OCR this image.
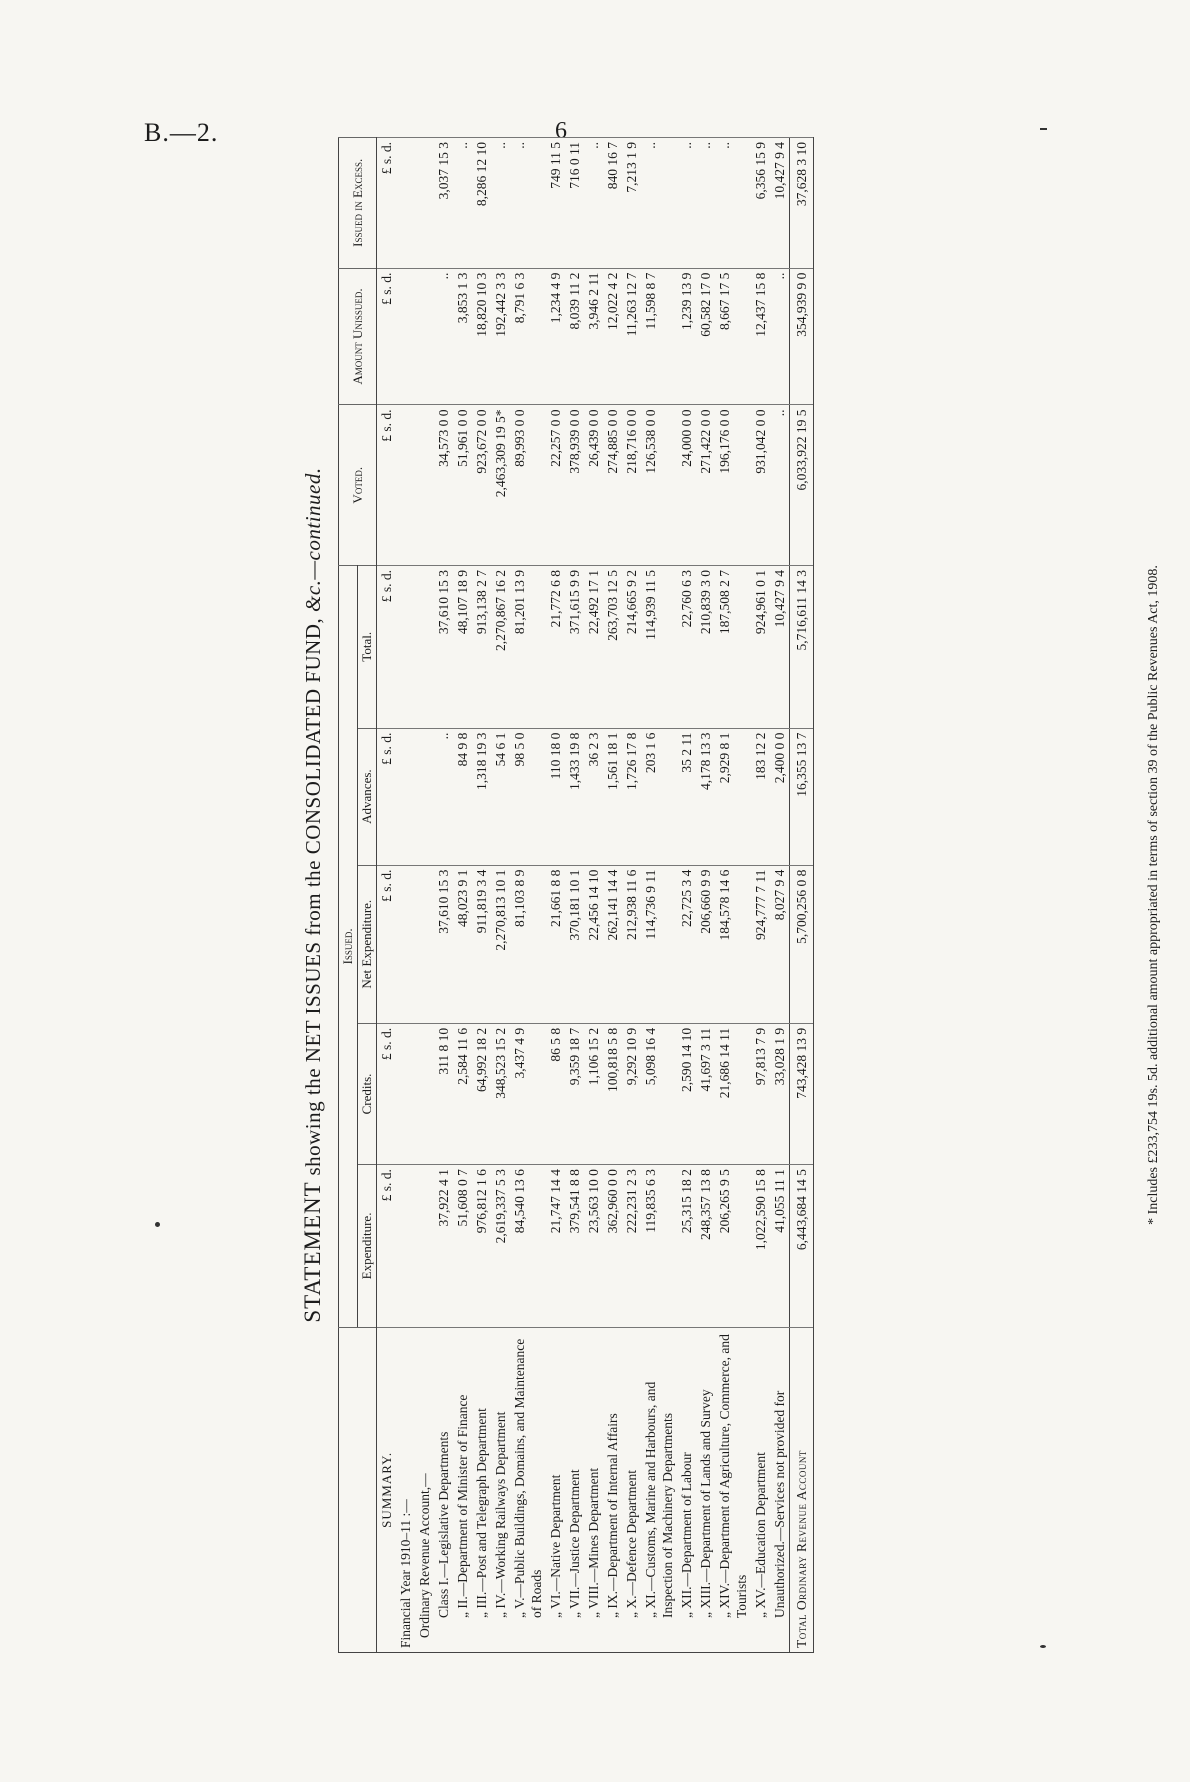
B.—2.	6
STATEMENT showing the NET ISSUES from the CONSOLIDATED FUND, &c.—continued.
	Issued.					Voted.	Amount Unissued.	Issued in Excess.
	Expenditure.	Credits.	Net Expenditure.	Advances.	Total.			
SUMMARY.	£ s. d.	£ s. d.	£ s. d.	£ s. d.	£ s. d.	£ s. d.	£ s. d.	£ s. d.
Financial Year 1910–11 :—								
Ordinary Revenue Account,—								
Class I.—Legislative Departments	37,922 4 1	311 8 10	37,610 15 3	..	37,610 15 3	34,573 0 0	..	3,037 15 3
„ II.—Department of Minister of Finance	51,608 0 7	2,584 11 6	48,023 9 1	84 9 8	48,107 18 9	51,961 0 0	3,853 1 3	..
„ III.—Post and Telegraph Department	976,812 1 6	64,992 18 2	911,819 3 4	1,318 19 3	913,138 2 7	923,672 0 0	18,820 10 3	8,286 12 10
„ IV.—Working Railways Department	2,619,337 5 3	348,523 15 2	2,270,813 10 1	54 6 1	2,270,867 16 2	2,463,309 19 5*	192,442 3 3	..
„ V.—Public Buildings, Domains, and Maintenance of Roads	84,540 13 6	3,437 4 9	81,103 8 9	98 5 0	81,201 13 9	89,993 0 0	8,791 6 3	..
„ VI.—Native Department	21,747 14 4	86 5 8	21,661 8 8	110 18 0	21,772 6 8	22,257 0 0	1,234 4 9	749 11 5
„ VII.—Justice Department	379,541 8 8	9,359 18 7	370,181 10 1	1,433 19 8	371,615 9 9	378,939 0 0	8,039 11 2	716 0 11
„ VIII.—Mines Department	23,563 10 0	1,106 15 2	22,456 14 10	36 2 3	22,492 17 1	26,439 0 0	3,946 2 11	..
„ IX.—Department of Internal Affairs	362,960 0 0	100,818 5 8	262,141 14 4	1,561 18 1	263,703 12 5	274,885 0 0	12,022 4 2	840 16 7
„ X.—Defence Department	222,231 2 3	9,292 10 9	212,938 11 6	1,726 17 8	214,665 9 2	218,716 0 0	11,263 12 7	7,213 1 9
„ XI.—Customs, Marine and Harbours, and Inspection of Machinery Departments	119,835 6 3	5,098 16 4	114,736 9 11	203 1 6	114,939 11 5	126,538 0 0	11,598 8 7	..
„ XII.—Department of Labour	25,315 18 2	2,590 14 10	22,725 3 4	35 2 11	22,760 6 3	24,000 0 0	1,239 13 9	..
„ XIII.—Department of Lands and Survey	248,357 13 8	41,697 3 11	206,660 9 9	4,178 13 3	210,839 3 0	271,422 0 0	60,582 17 0	..
„ XIV.—Department of Agriculture, Commerce, and Tourists	206,265 9 5	21,686 14 11	184,578 14 6	2,929 8 1	187,508 2 7	196,176 0 0	8,667 17 5	..
„ XV.—Education Department	1,022,590 15 8	97,813 7 9	924,777 7 11	183 12 2	924,961 0 1	931,042 0 0	12,437 15 8	6,356 15 9
Unauthorized.—Services not provided for	41,055 11 1	33,028 1 9	8,027 9 4	2,400 0 0	10,427 9 4	..	..	10,427 9 4
Total Ordinary Revenue Account	6,443,684 14 5	743,428 13 9	5,700,256 0 8	16,355 13 7	5,716,611 14 3	6,033,922 19 5	354,939 9 0	37,628 3 10
* Includes £233,754 19s. 5d. additional amount appropriated in terms of section 39 of the Public Revenues Act, 1908.
